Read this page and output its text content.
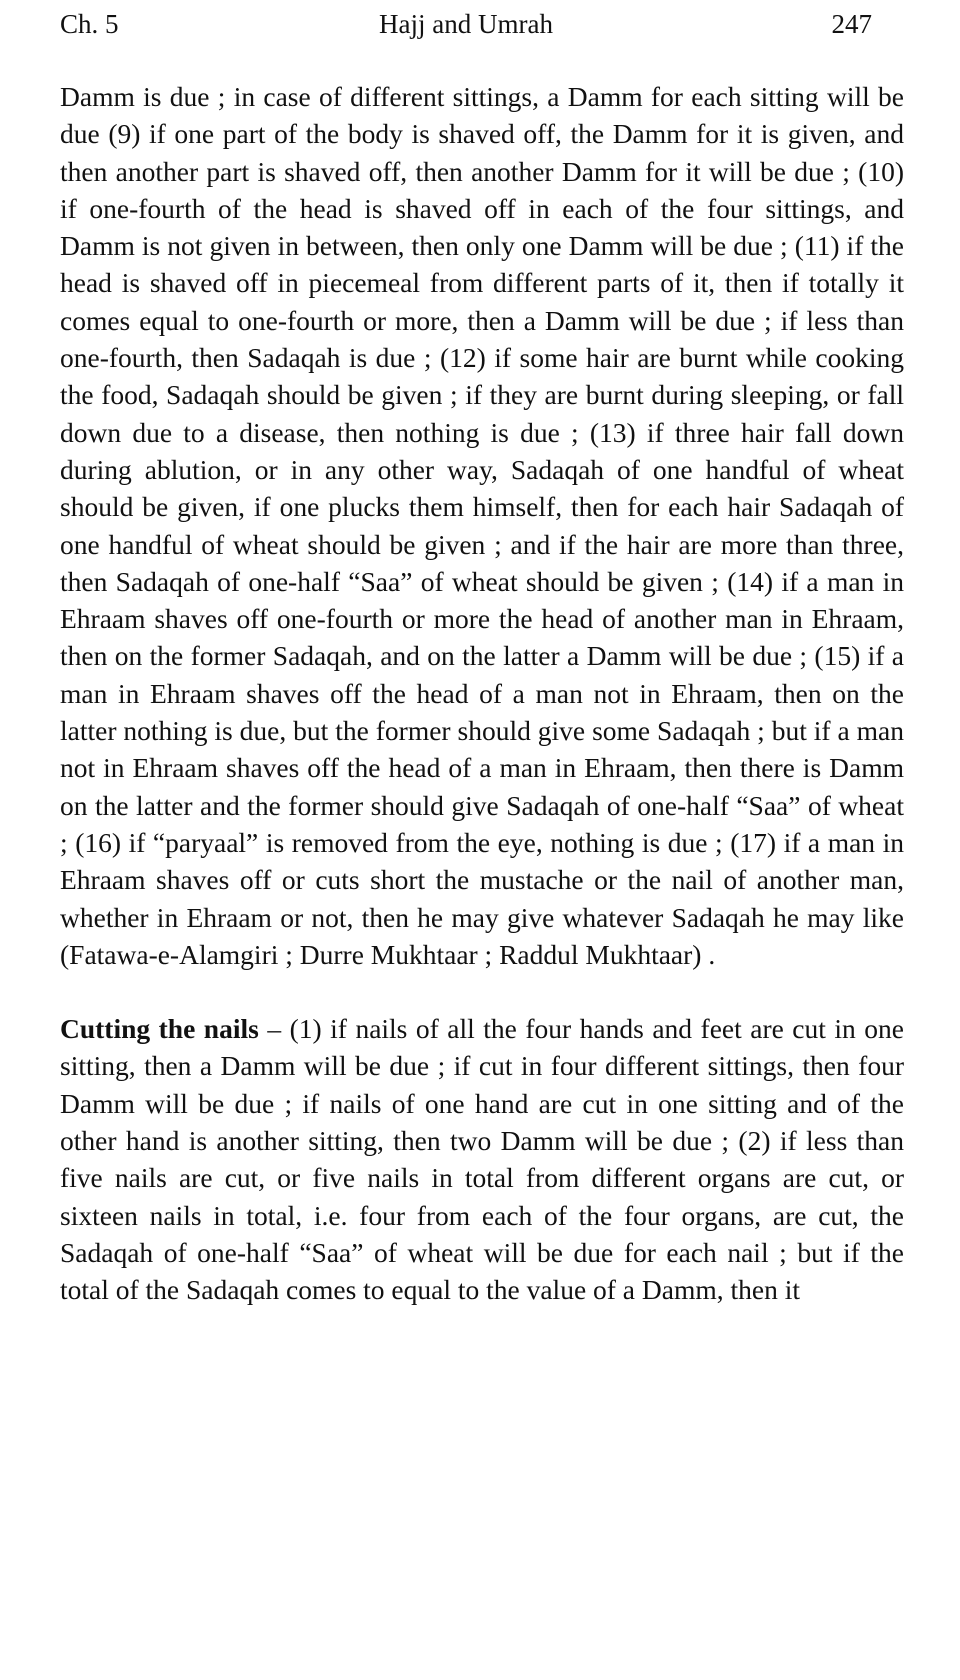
Ch. 5	Hajj and Umrah	247

Damm is due ; in case of different sittings, a Damm for each sitting will be due (9) if one part of the body is shaved off, the Damm for it is given, and then another part is shaved off, then another Damm for it will be due ; (10) if one-fourth of the head is shaved off in each of the four sittings, and Damm is not given in between, then only one Damm will be due ; (11) if the head is shaved off in piecemeal from different parts of it, then if totally it comes equal to one-fourth or more, then a Damm will be due ; if less than one-fourth, then Sadaqah is due ; (12) if some hair are burnt while cooking the food, Sadaqah should be given ; if they are burnt during sleeping, or fall down due to a disease, then nothing is due ; (13) if three hair fall down during ablution, or in any other way, Sadaqah of one handful of wheat should be given, if one plucks them himself, then for each hair Sadaqah of one handful of wheat should be given ; and if the hair are more than three, then Sadaqah of one-half “Saa” of wheat should be given ; (14) if a man in Ehraam shaves off one-fourth or more the head of another man in Ehraam, then on the former Sadaqah, and on the latter a Damm will be due ; (15) if a man in Ehraam shaves off the head of a man not in Ehraam, then on the latter nothing is due, but the former should give some Sadaqah ; but if a man not in Ehraam shaves off the head of a man in Ehraam, then there is Damm on the latter and the former should give Sadaqah of one-half “Saa” of wheat ; (16) if “paryaal” is removed from the eye, nothing is due ; (17) if a man in Ehraam shaves off or cuts short the mustache or the nail of another man, whether in Ehraam or not, then he may give whatever Sadaqah he may like (Fatawa-e-Alamgiri ; Durre Mukhtaar ; Raddul Mukhtaar) .

Cutting the nails – (1) if nails of all the four hands and feet are cut in one sitting, then a Damm will be due ; if cut in four different sittings, then four Damm will be due ; if nails of one hand are cut in one sitting and of the other hand is another sitting, then two Damm will be due ; (2) if less than five nails are cut, or five nails in total from different organs are cut, or sixteen nails in total, i.e. four from each of the four organs, are cut, the Sadaqah of one-half “Saa” of wheat will be due for each nail ; but if the total of the Sadaqah comes to equal to the value of a Damm, then it
